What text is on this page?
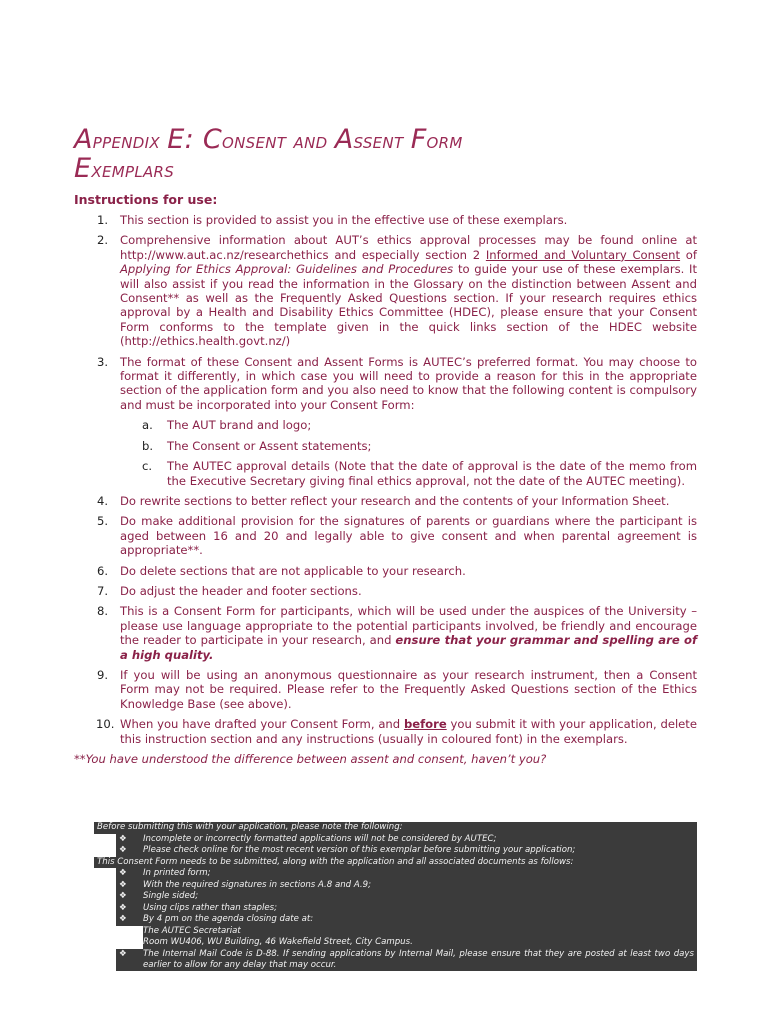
Appendix E: Consent and Assent Form
Exemplars
Instructions for use:
1. This section is provided to assist you in the effective use of these exemplars.
2. Comprehensive information about AUT’s ethics approval processes may be found online at http://www.aut.ac.nz/researchethics and especially section 2 Informed and Voluntary Consent of Applying for Ethics Approval: Guidelines and Procedures to guide your use of these exemplars. It will also assist if you read the information in the Glossary on the distinction between Assent and Consent** as well as the Frequently Asked Questions section. If your research requires ethics approval by a Health and Disability Ethics Committee (HDEC), please ensure that your Consent Form conforms to the template given in the quick links section of the HDEC website (http://ethics.health.govt.nz/)
3. The format of these Consent and Assent Forms is AUTEC’s preferred format. You may choose to format it differently, in which case you will need to provide a reason for this in the appropriate section of the application form and you also need to know that the following content is compulsory and must be incorporated into your Consent Form:
a. The AUT brand and logo;
b. The Consent or Assent statements;
c. The AUTEC approval details (Note that the date of approval is the date of the memo from the Executive Secretary giving final ethics approval, not the date of the AUTEC meeting).
4. Do rewrite sections to better reflect your research and the contents of your Information Sheet.
5. Do make additional provision for the signatures of parents or guardians where the participant is aged between 16 and 20 and legally able to give consent and when parental agreement is appropriate**.
6. Do delete sections that are not applicable to your research.
7. Do adjust the header and footer sections.
8. This is a Consent Form for participants, which will be used under the auspices of the University – please use language appropriate to the potential participants involved, be friendly and encourage the reader to participate in your research, and ensure that your grammar and spelling are of a high quality.
9. If you will be using an anonymous questionnaire as your research instrument, then a Consent Form may not be required. Please refer to the Frequently Asked Questions section of the Ethics Knowledge Base (see above).
10. When you have drafted your Consent Form, and before you submit it with your application, delete this instruction section and any instructions (usually in coloured font) in the exemplars.
**You have understood the difference between assent and consent, haven’t you?
Before submitting this with your application, please note the following:
❖ Incomplete or incorrectly formatted applications will not be considered by AUTEC;
❖ Please check online for the most recent version of this exemplar before submitting your application;
This Consent Form needs to be submitted, along with the application and all associated documents as follows:
❖ In printed form;
❖ With the required signatures in sections A.8 and A.9;
❖ Single sided;
❖ Using clips rather than staples;
❖ By 4 pm on the agenda closing date at:
The AUTEC Secretariat
Room WU406, WU Building, 46 Wakefield Street, City Campus.
❖ The Internal Mail Code is D-88. If sending applications by Internal Mail, please ensure that they are posted at least two days earlier to allow for any delay that may occur.
